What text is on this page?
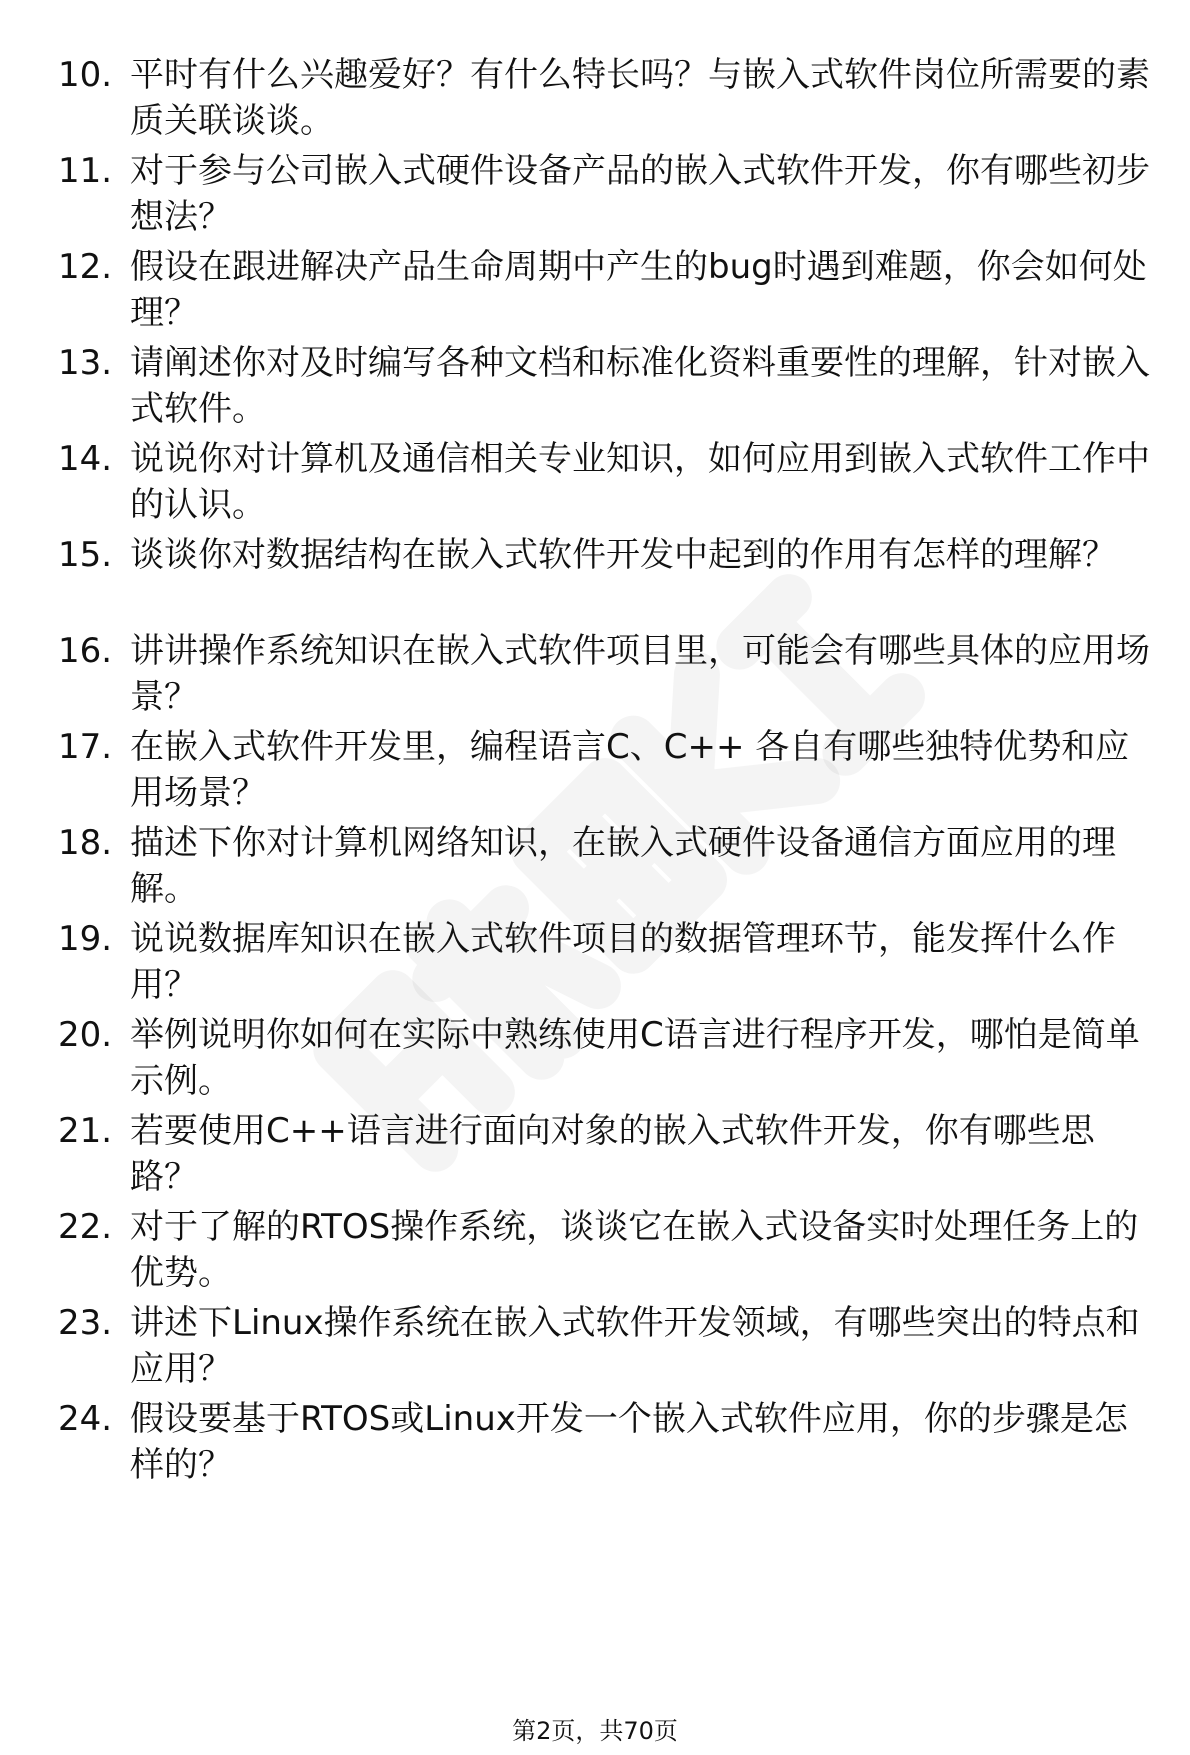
10. 平时有什么兴趣爱好？有什么特长吗？与嵌入式软件岗位所需要的素质关联谈谈。
11. 对于参与公司嵌入式硬件设备产品的嵌入式软件开发，你有哪些初步想法？
12. 假设在跟进解决产品生命周期中产生的bug时遇到难题，你会如何处理？
13. 请阐述你对及时编写各种文档和标准化资料重要性的理解，针对嵌入式软件。
14. 说说你对计算机及通信相关专业知识，如何应用到嵌入式软件工作中的认识。
15. 谈谈你对数据结构在嵌入式软件开发中起到的作用有怎样的理解？
16. 讲讲操作系统知识在嵌入式软件项目里，可能会有哪些具体的应用场景？
17. 在嵌入式软件开发里，编程语言C、C++ 各自有哪些独特优势和应用场景？
18. 描述下你对计算机网络知识，在嵌入式硬件设备通信方面应用的理解。
19. 说说数据库知识在嵌入式软件项目的数据管理环节，能发挥什么作用？
20. 举例说明你如何在实际中熟练使用C语言进行程序开发，哪怕是简单示例。
21. 若要使用C++语言进行面向对象的嵌入式软件开发，你有哪些思路？
22. 对于了解的RTOS操作系统，谈谈它在嵌入式设备实时处理任务上的优势。
23. 讲述下Linux操作系统在嵌入式软件开发领域，有哪些突出的特点和应用？
24. 假设要基于RTOS或Linux开发一个嵌入式软件应用，你的步骤是怎样的？
第2页，共70页
